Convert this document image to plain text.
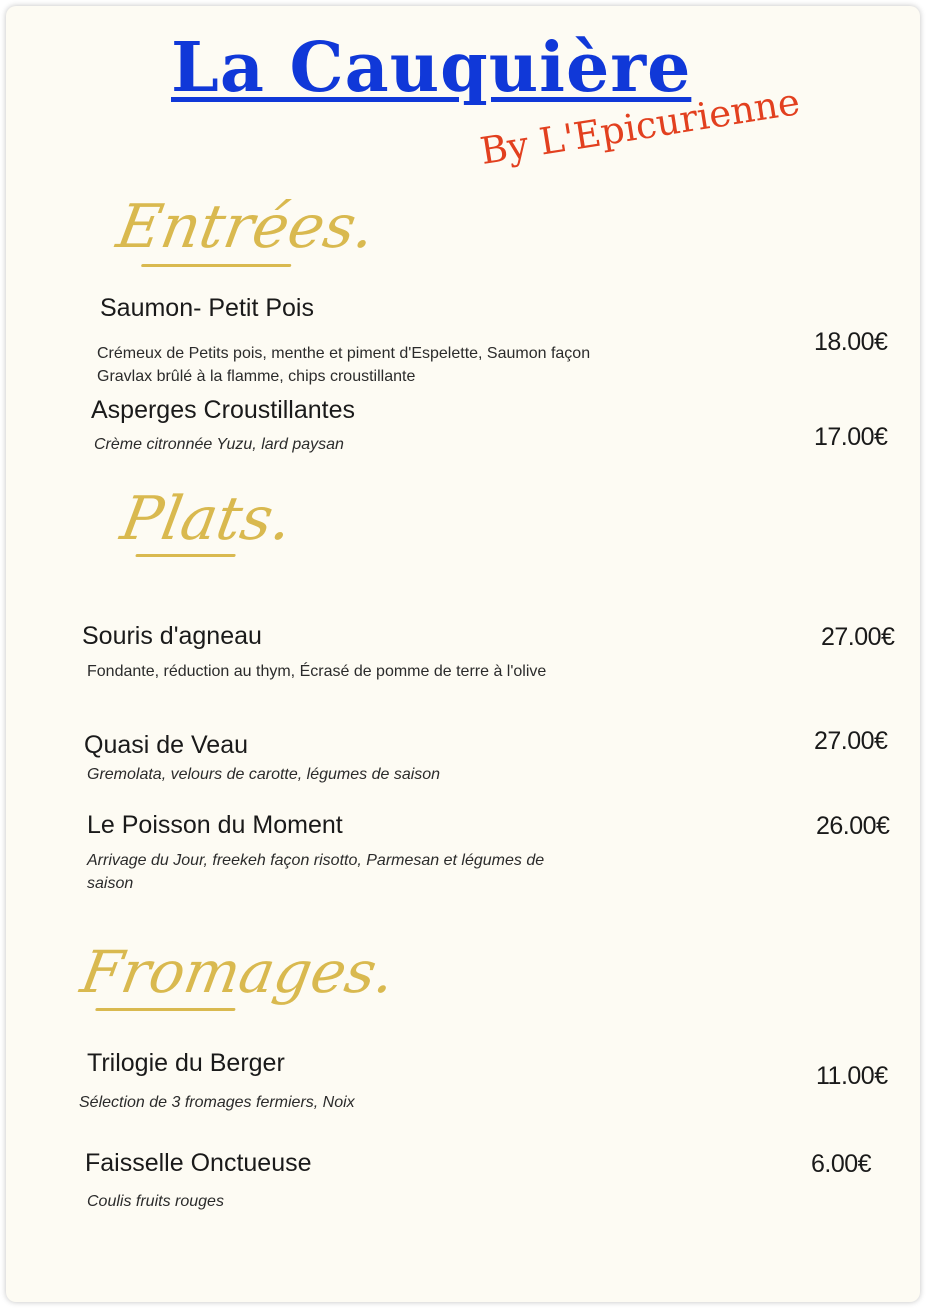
La Cauquière
By L'Epicurienne
Entrées.
Saumon- Petit Pois
Crémeux de Petits pois, menthe et piment d'Espelette, Saumon façon Gravlax brûlé à la flamme, chips croustillante
18.00€
Asperges Croustillantes
Crème citronnée Yuzu, lard paysan	17.00€
Plats.
Souris d'agneau
Fondante, réduction au thym, Écrasé de pomme de terre à l'olive
27.00€
Quasi de Veau
Gremolata, velours de carotte, légumes de saison
27.00€
Le Poisson du Moment
Arrivage du Jour, freekeh façon risotto, Parmesan et légumes de saison
26.00€
Fromages.
Trilogie du Berger
Sélection de 3 fromages fermiers, Noix
11.00€
Faisselle Onctueuse
Coulis fruits rouges
6.00€
